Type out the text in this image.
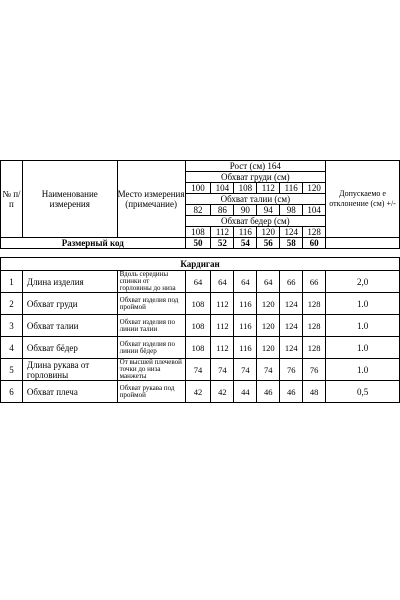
№ п/ п	Наименование измерения	Место измерения (примечание)	Рост (см) 164						Допускаемо е отклонение (см) +/-
			Обхват груди (см)						
			100	104	108	112	116	120	
			Обхват талии (см)						
			82	86	90	94	98	104	
			Обхват бедер (см)						
			108	112	116	120	124	128	
Размерный код			50	52	54	56	58	60	

Кардиган									
1	Длина изделия	Вдоль середины спинки от горловины до низа	64	64	64	64	66	66	2,0
2	Обхват груди	Обхват изделия под проймой	108	112	116	120	124	128	1.0
3	Обхват талии	Обхват изделия по линии талии	108	112	116	120	124	128	1.0
4	Обхват бёдер	Обхват изделия по линии бёдер	108	112	116	120	124	128	1.0
5	Длина рукава от горловины	От высшей плечевой точки до низа манжеты	74	74	74	74	76	76	1.0
6	Обхват плеча	Обхват рукава под проймой	42	42	44	46	46	48	0,5
